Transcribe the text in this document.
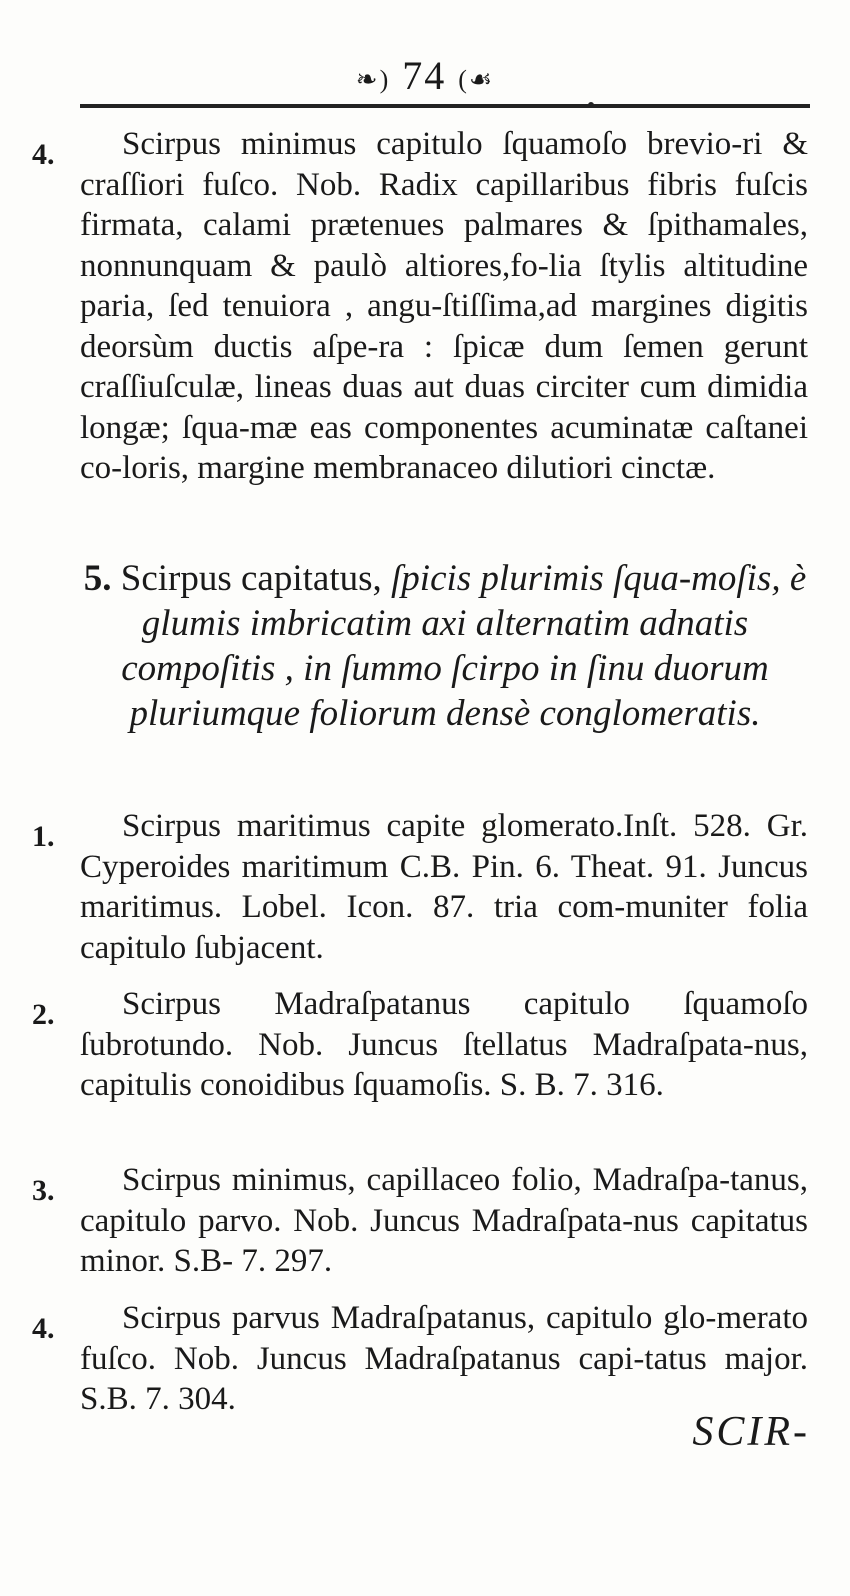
❧) 74 (☙
4.	Scirpus minimus capitulo ſquamoſo brevio-ri & craſſiori fuſco. Nob. Radix capillaribus fibris fuſcis firmata, calami prætenues palmares & ſpithamales, nonnunquam & paulò altiores,fo-lia ſtylis altitudine paria, ſed tenuiora , angu-ſtiſſima,ad margines digitis deorsùm ductis aſpe-ra : ſpicæ dum ſemen gerunt craſſiuſculæ, lineas duas aut duas circiter cum dimidia longæ; ſqua-mæ eas componentes acuminatæ caſtanei co-loris, margine membranaceo dilutiori cinctæ.

5. Scirpus capitatus, ſpicis plurimis ſqua-moſis, è glumis imbricatim axi alternatim adnatis compoſitis , in ſummo ſcirpo in ſinu duorum pluriumque foliorum densè conglomeratis.
1.	Scirpus maritimus capite glomerato.Inſt. 528. Gr. Cyperoides maritimum C.B. Pin. 6. Theat. 91. Juncus maritimus. Lobel. Icon. 87. tria com-muniter folia capitulo ſubjacent.

2.	Scirpus Madraſpatanus capitulo ſquamoſo ſubrotundo. Nob. Juncus ſtellatus Madraſpata-nus, capitulis conoidibus ſquamoſis. S. B. 7. 316.

3.	Scirpus minimus, capillaceo folio, Madraſpa-tanus, capitulo parvo. Nob. Juncus Madraſpata-nus capitatus minor. S.B- 7. 297.

4.	Scirpus parvus Madraſpatanus, capitulo glo-merato fuſco. Nob. Juncus Madraſpatanus capi-tatus major. S.B. 7. 304.

SCIR-
